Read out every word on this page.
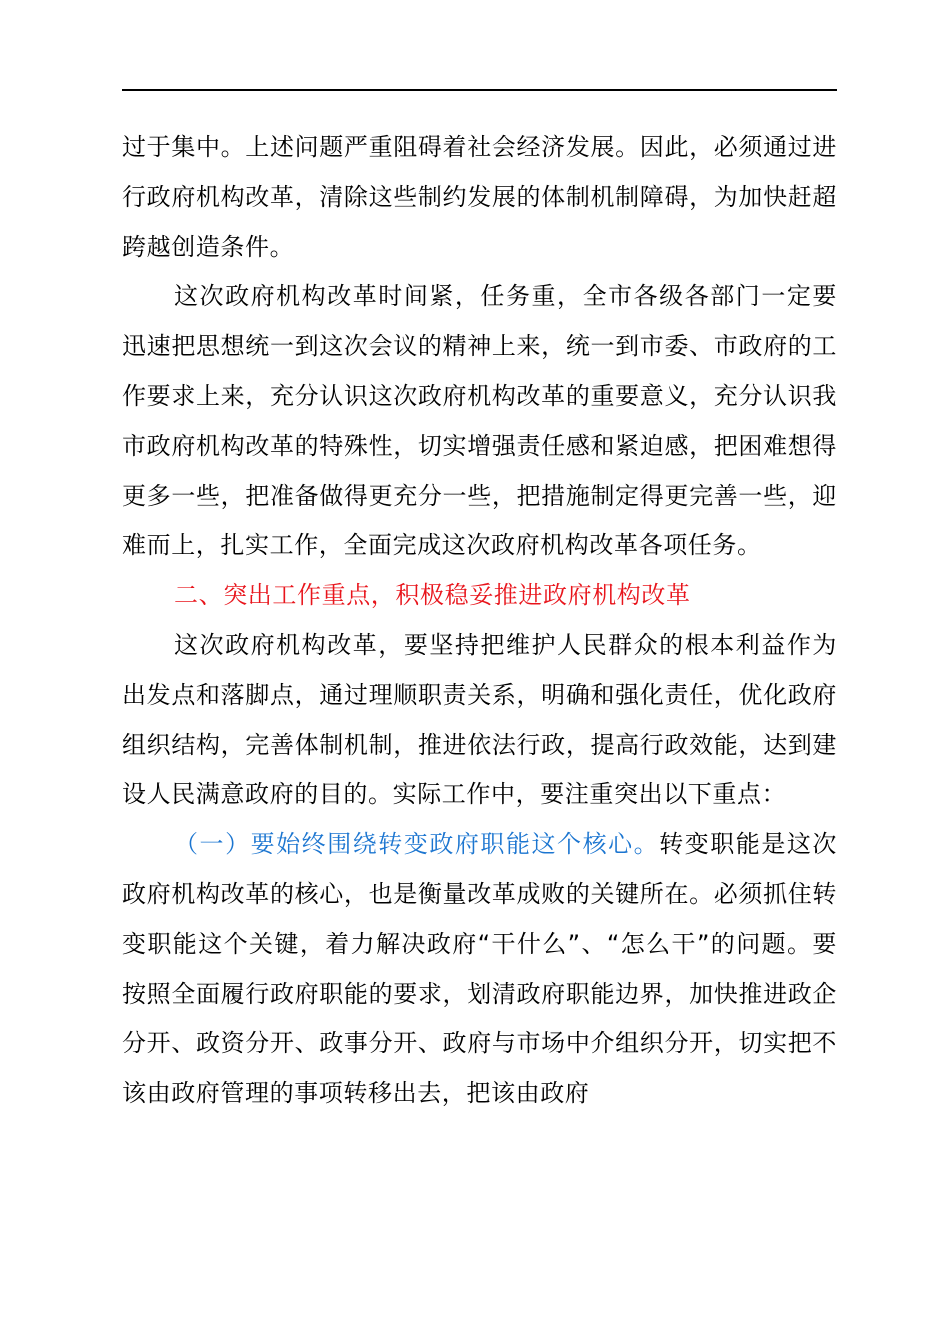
过于集中。上述问题严重阻碍着社会经济发展。因此，必须通过进行政府机构改革，清除这些制约发展的体制机制障碍，为加快赶超跨越创造条件。

这次政府机构改革时间紧，任务重，全市各级各部门一定要迅速把思想统一到这次会议的精神上来，统一到市委、市政府的工作要求上来，充分认识这次政府机构改革的重要意义，充分认识我市政府机构改革的特殊性，切实增强责任感和紧迫感，把困难想得更多一些，把准备做得更充分一些，把措施制定得更完善一些，迎难而上，扎实工作，全面完成这次政府机构改革各项任务。

二、突出工作重点，积极稳妥推进政府机构改革

这次政府机构改革，要坚持把维护人民群众的根本利益作为出发点和落脚点，通过理顺职责关系，明确和强化责任，优化政府组织结构，完善体制机制，推进依法行政，提高行政效能，达到建设人民满意政府的目的。实际工作中，要注重突出以下重点：

（一）要始终围绕转变政府职能这个核心。转变职能是这次政府机构改革的核心，也是衡量改革成败的关键所在。必须抓住转变职能这个关键，着力解决政府“干什么”、“怎么干”的问题。要按照全面履行政府职能的要求，划清政府职能边界，加快推进政企分开、政资分开、政事分开、政府与市场中介组织分开，切实把不该由政府管理的事项转移出去，把该由政府
